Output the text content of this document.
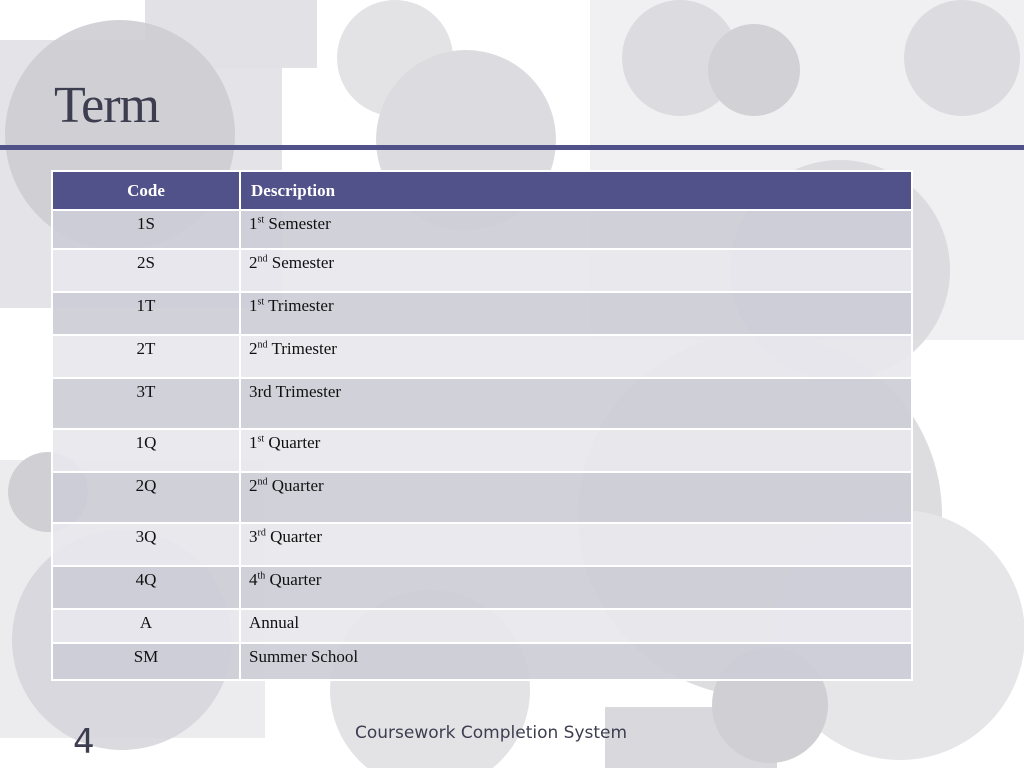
Term
Code	Description
1S	1st Semester
2S	2nd Semester
1T	1st Trimester
2T	2nd Trimester
3T	3rd Trimester
1Q	1st Quarter
2Q	2nd Quarter
3Q	3rd Quarter
4Q	4th Quarter
A	Annual
SM	Summer School
4	Coursework Completion System
